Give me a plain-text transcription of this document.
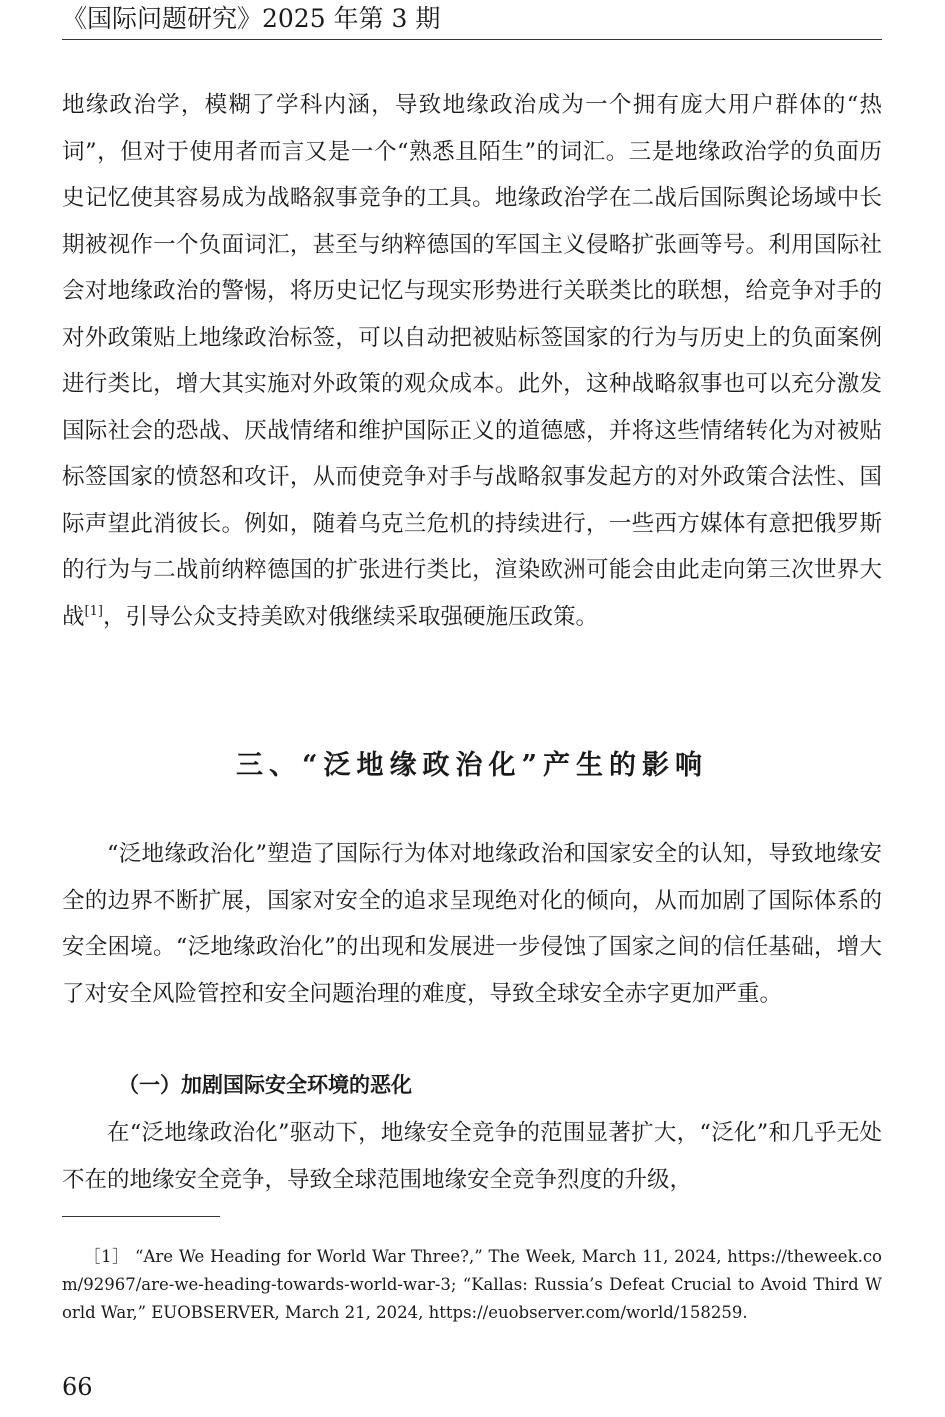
《国际问题研究》2025 年第 3 期

地缘政治学，模糊了学科内涵，导致地缘政治成为一个拥有庞大用户群体的“热词”，但对于使用者而言又是一个“熟悉且陌生”的词汇。三是地缘政治学的负面历史记忆使其容易成为战略叙事竞争的工具。地缘政治学在二战后国际舆论场域中长期被视作一个负面词汇，甚至与纳粹德国的军国主义侵略扩张画等号。利用国际社会对地缘政治的警惕，将历史记忆与现实形势进行关联类比的联想，给竞争对手的对外政策贴上地缘政治标签，可以自动把被贴标签国家的行为与历史上的负面案例进行类比，增大其实施对外政策的观众成本。此外，这种战略叙事也可以充分激发国际社会的恐战、厌战情绪和维护国际正义的道德感，并将这些情绪转化为对被贴标签国家的愤怒和攻讦，从而使竞争对手与战略叙事发起方的对外政策合法性、国际声望此消彼长。例如，随着乌克兰危机的持续进行，一些西方媒体有意把俄罗斯的行为与二战前纳粹德国的扩张进行类比，渲染欧洲可能会由此走向第三次世界大战[1]，引导公众支持美欧对俄继续采取强硬施压政策。

三、“泛地缘政治化”产生的影响

“泛地缘政治化”塑造了国际行为体对地缘政治和国家安全的认知，导致地缘安全的边界不断扩展，国家对安全的追求呈现绝对化的倾向，从而加剧了国际体系的安全困境。“泛地缘政治化”的出现和发展进一步侵蚀了国家之间的信任基础，增大了对安全风险管控和安全问题治理的难度，导致全球安全赤字更加严重。

（一）加剧国际安全环境的恶化

在“泛地缘政治化”驱动下，地缘安全竞争的范围显著扩大，“泛化”和几乎无处不在的地缘安全竞争，导致全球范围地缘安全竞争烈度的升级，

［1］ “Are We Heading for World War Three?,” The Week, March 11, 2024, https://theweek.com/92967/are-we-heading-towards-world-war-3; “Kallas: Russia’s Defeat Crucial to Avoid Third World War,” EUOBSERVER, March 21, 2024, https://euobserver.com/world/158259.

66
